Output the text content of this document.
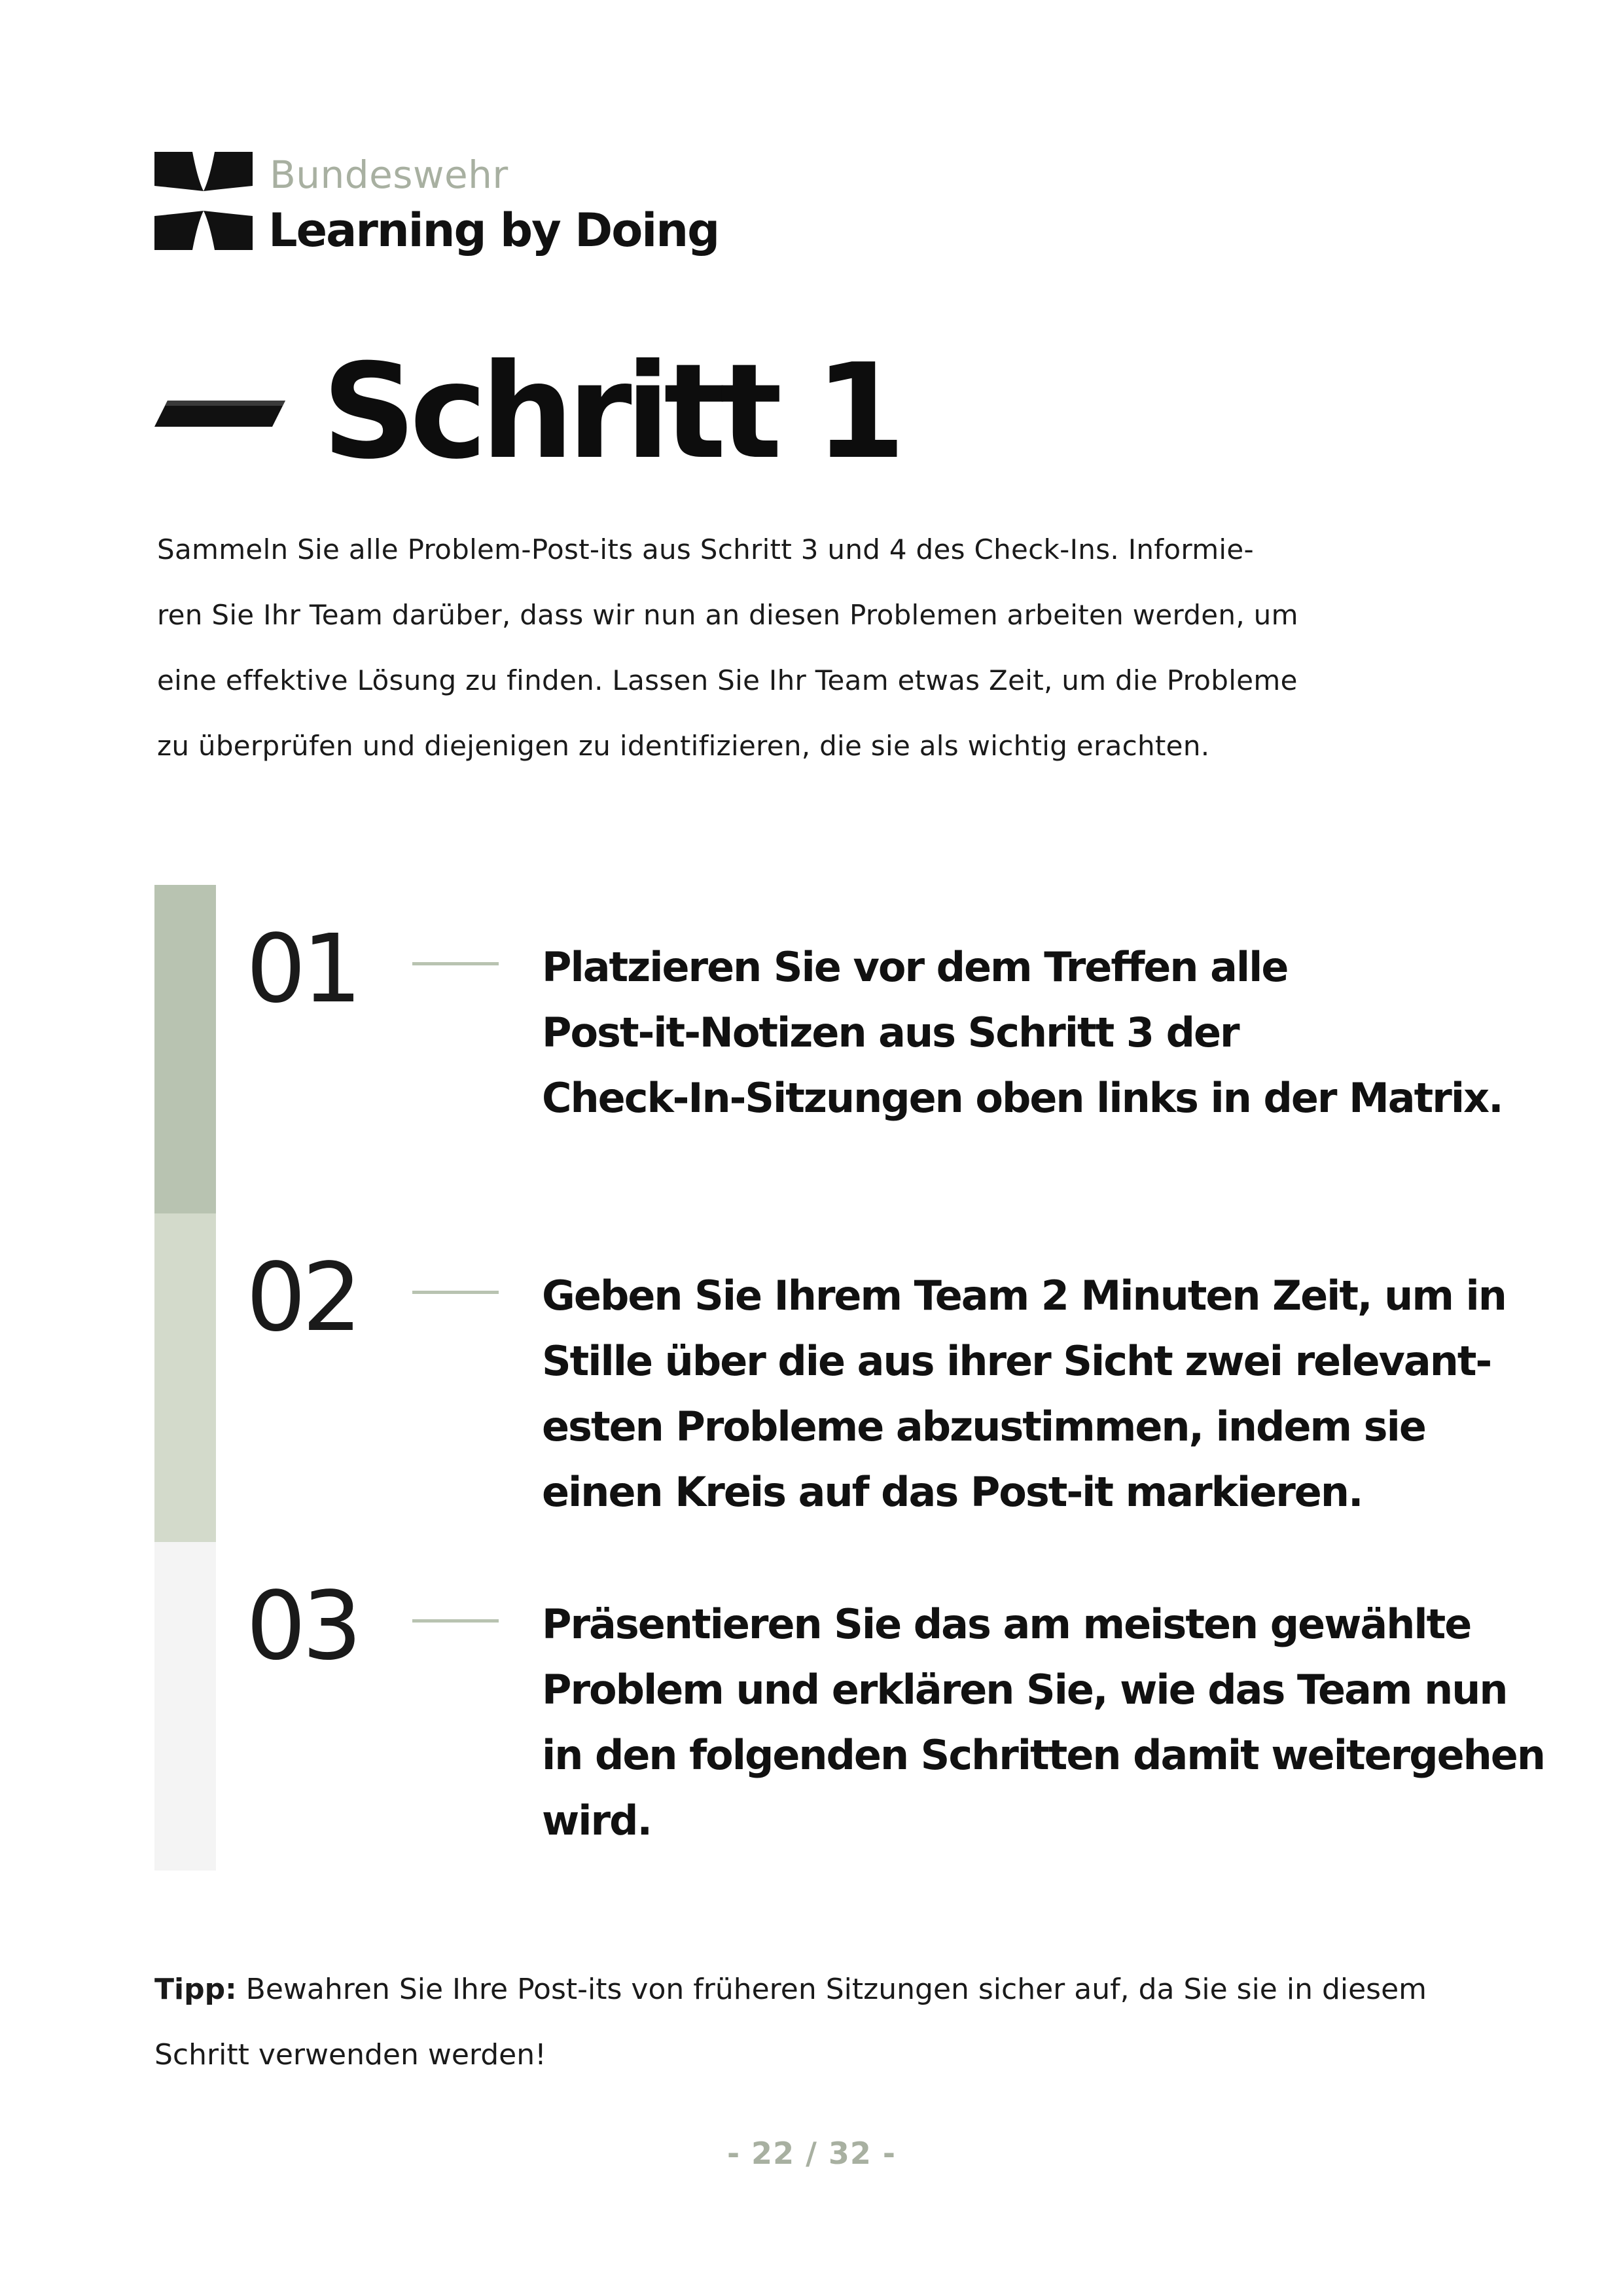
Bundeswehr
Learning by Doing
Schritt 1
Sammeln Sie alle Problem-Post-its aus Schritt 3 und 4 des Check-Ins. Informie-
ren Sie Ihr Team darüber, dass wir nun an diesen Problemen arbeiten werden, um
eine effektive Lösung zu finden. Lassen Sie Ihr Team etwas Zeit, um die Probleme
zu überprüfen und diejenigen zu identifizieren, die sie als wichtig erachten.
01	Platzieren Sie vor dem Treffen alle
Post-it-Notizen aus Schritt 3 der
Check-In-Sitzungen oben links in der Matrix.
02	Geben Sie Ihrem Team 2 Minuten Zeit, um in
Stille über die aus ihrer Sicht zwei relevant-
esten Probleme abzustimmen, indem sie
einen Kreis auf das Post-it markieren.
03	Präsentieren Sie das am meisten gewählte
Problem und erklären Sie, wie das Team nun
in den folgenden Schritten damit weitergehen
wird.
Tipp: Bewahren Sie Ihre Post-its von früheren Sitzungen sicher auf, da Sie sie in diesem
Schritt verwenden werden!
- 22 / 32 -
